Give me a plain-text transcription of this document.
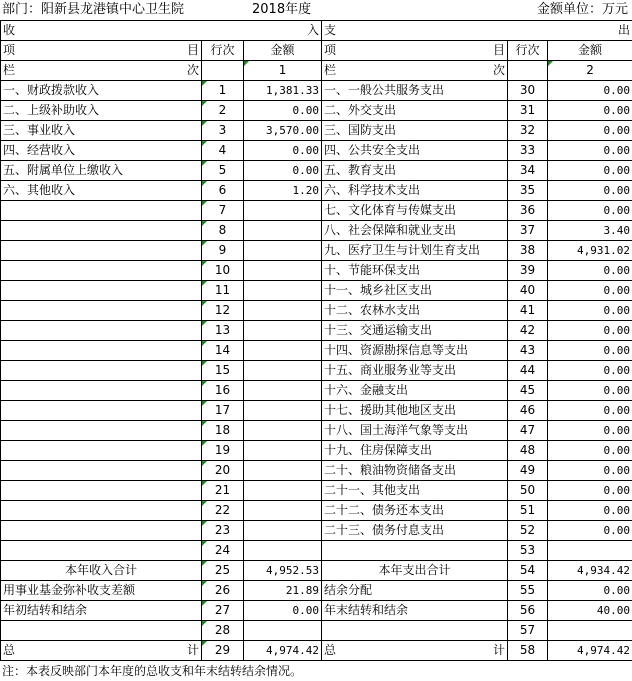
部门：阳新县龙港镇中心卫生院	2018年度	金额单位：万元
收 入			支 出		

项 目	行次	金额	项 目	行次	金额

栏 次		1	栏 次		2
一、财政拨款收入	1	1,381.33	一、一般公共服务支出	30	0.00
二、上级补助收入	2	0.00	二、外交支出	31	0.00
三、事业收入	3	3,570.00	三、国防支出	32	0.00
四、经营收入	4	0.00	四、公共安全支出	33	0.00
五、附属单位上缴收入	5	0.00	五、教育支出	34	0.00
六、其他收入	6	1.20	六、科学技术支出	35	0.00
	7		七、文化体育与传媒支出	36	0.00
	8		八、社会保障和就业支出	37	3.40
	9		九、医疗卫生与计划生育支出	38	4,931.02
	10		十、节能环保支出	39	0.00
	11		十一、城乡社区支出	40	0.00
	12		十二、农林水支出	41	0.00
	13		十三、交通运输支出	42	0.00
	14		十四、资源勘探信息等支出	43	0.00
	15		十五、商业服务业等支出	44	0.00
	16		十六、金融支出	45	0.00
	17		十七、援助其他地区支出	46	0.00
	18		十八、国土海洋气象等支出	47	0.00
	19		十九、住房保障支出	48	0.00
	20		二十、粮油物资储备支出	49	0.00
	21		二十一、其他支出	50	0.00
	22		二十二、债务还本支出	51	0.00
	23		二十三、债务付息支出	52	0.00
	24			53	
本年收入合计	25	4,952.53	本年支出合计	54	4,934.42
用事业基金弥补收支差额	26	21.89	结余分配	55	0.00
年初结转和结余	27	0.00	年末结转和结余	56	40.00
	28			57	

总 计	29	4,974.42	总 计	58	4,974.42
注：本表反映部门本年度的总收支和年末结转结余情况。
